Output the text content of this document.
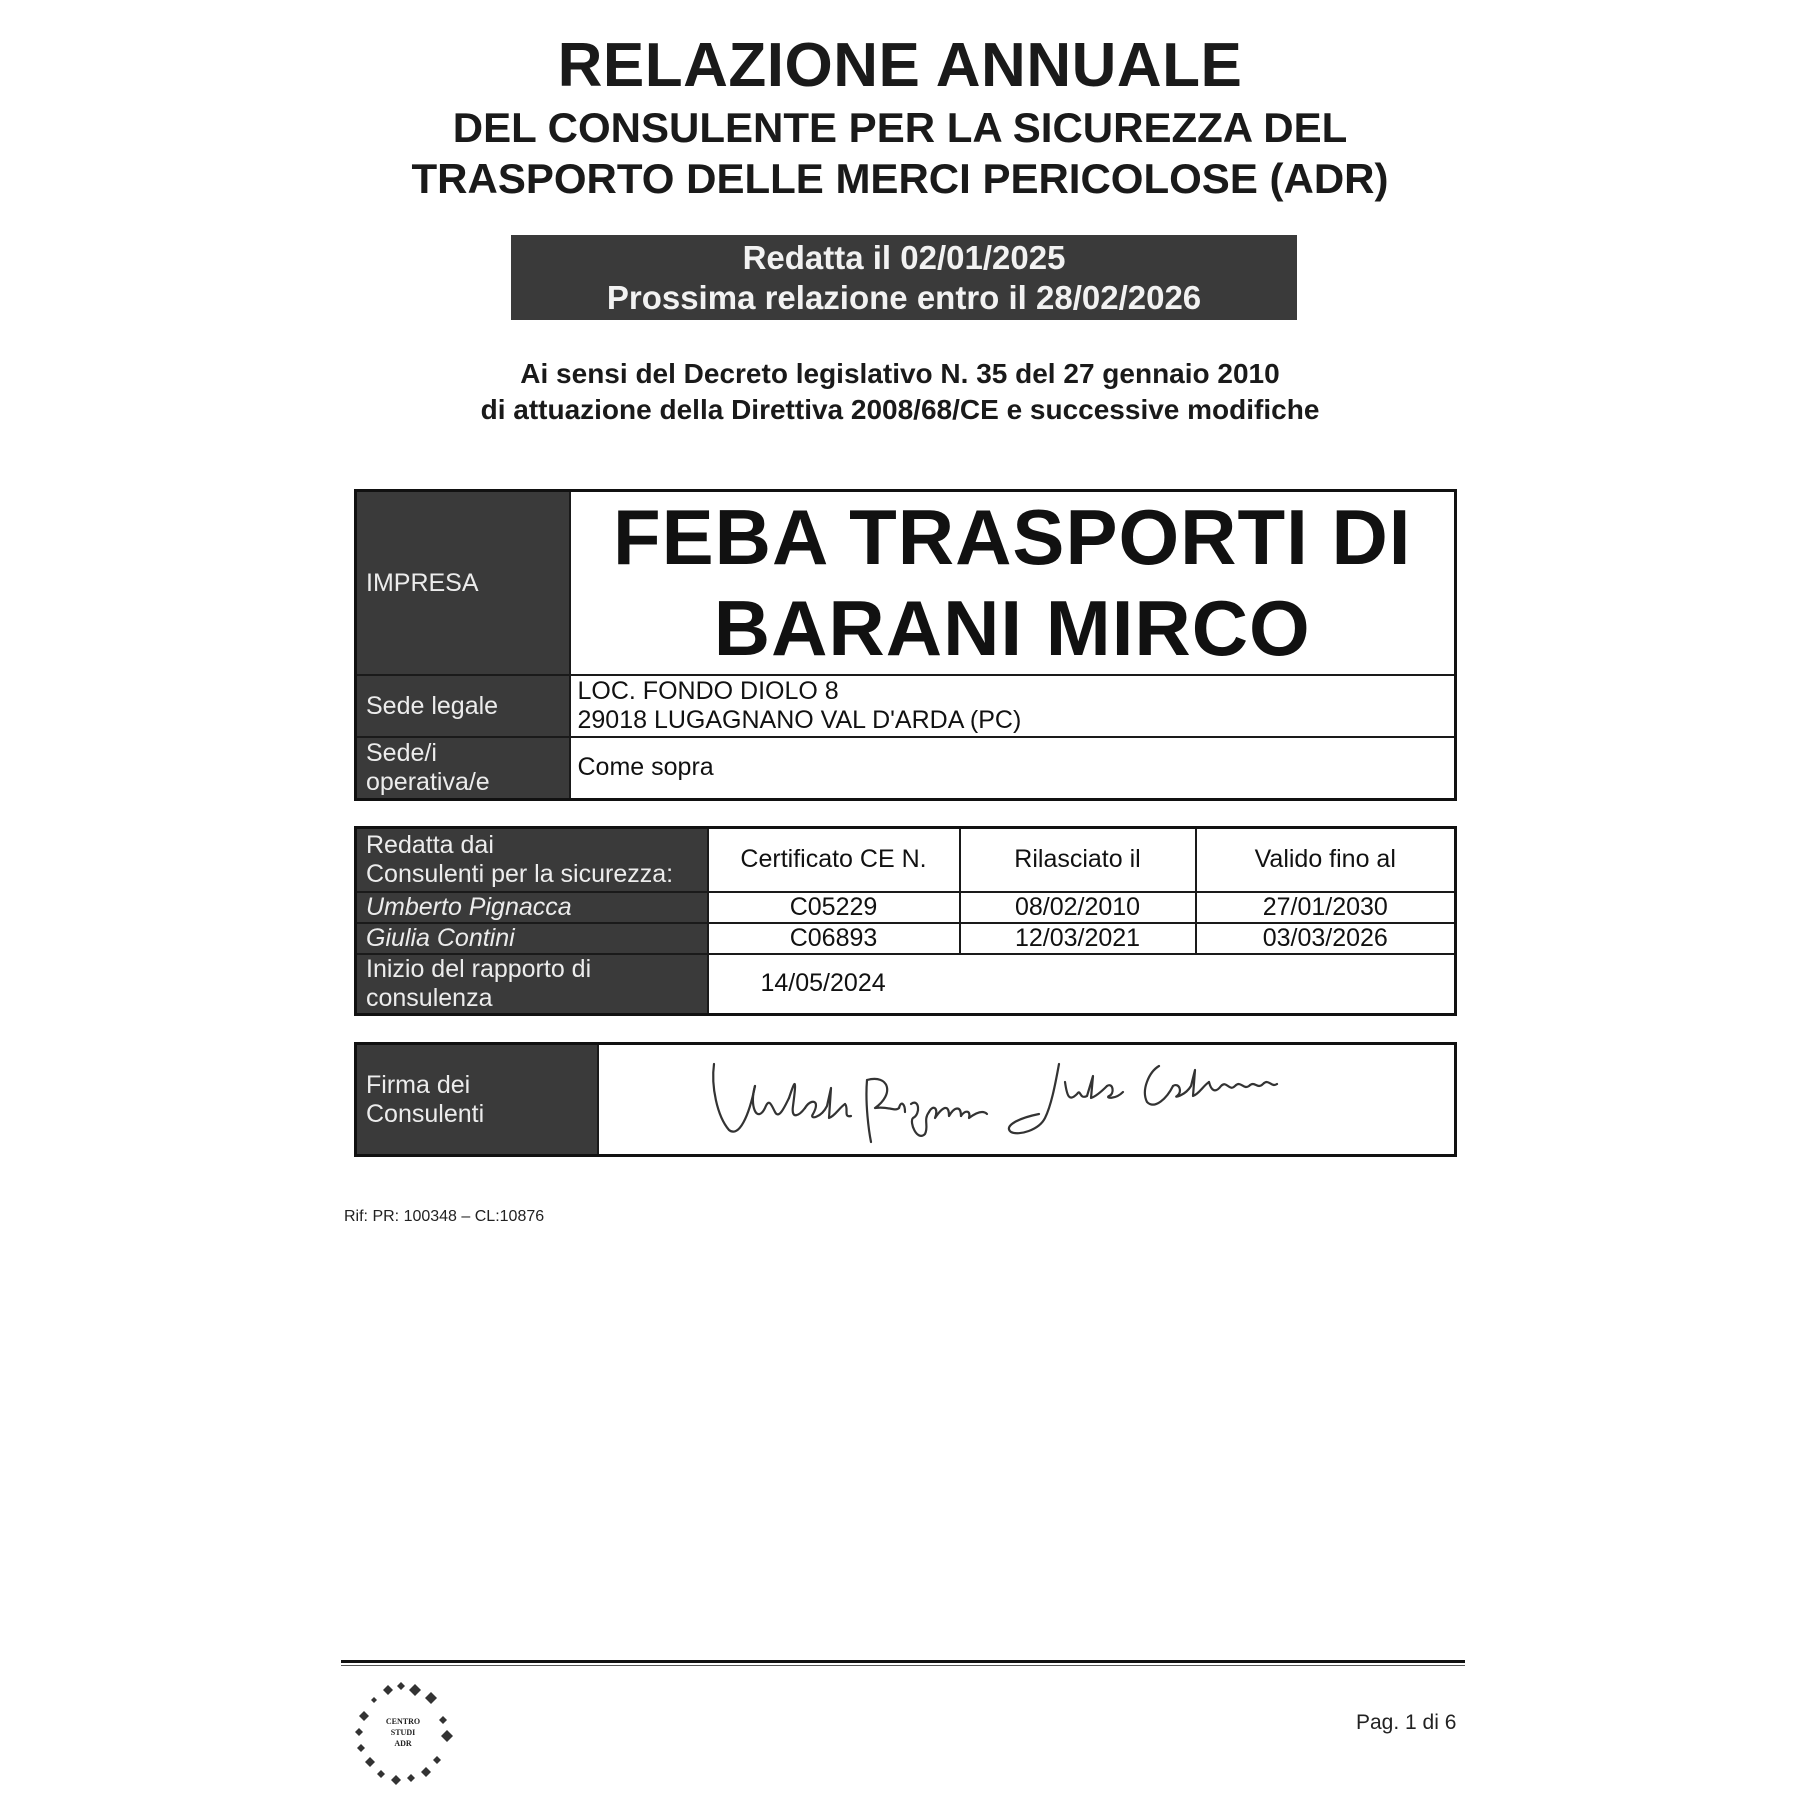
RELAZIONE ANNUALE
DEL CONSULENTE PER LA SICUREZZA DEL
TRASPORTO DELLE MERCI PERICOLOSE (ADR)
Redatta il 02/01/2025
Prossima relazione entro il 28/02/2026
Ai sensi del Decreto legislativo N. 35 del 27 gennaio 2010
di attuazione della Direttiva 2008/68/CE e successive modifiche
IMPRESA	FEBA TRASPORTI DI
BARANI MIRCO

Sede legale	LOC. FONDO DIOLO 8
29018 LUGAGNANO VAL D'ARDA (PC)

Sede/i
operativa/e	Come sopra
Redatta dai
Consulenti per la sicurezza:	Certificato CE N.	Rilasciato il	Valido fino al
Umberto Pignacca	C05229	08/02/2010	27/01/2030
Giulia Contini	C06893	12/03/2021	03/03/2026

Inizio del rapporto di
consulenza	14/05/2024		
Firma dei
Consulenti

Rif: PR: 100348 – CL:10876
CENTRO
STUDI
ADR
Pag. 1 di 6
